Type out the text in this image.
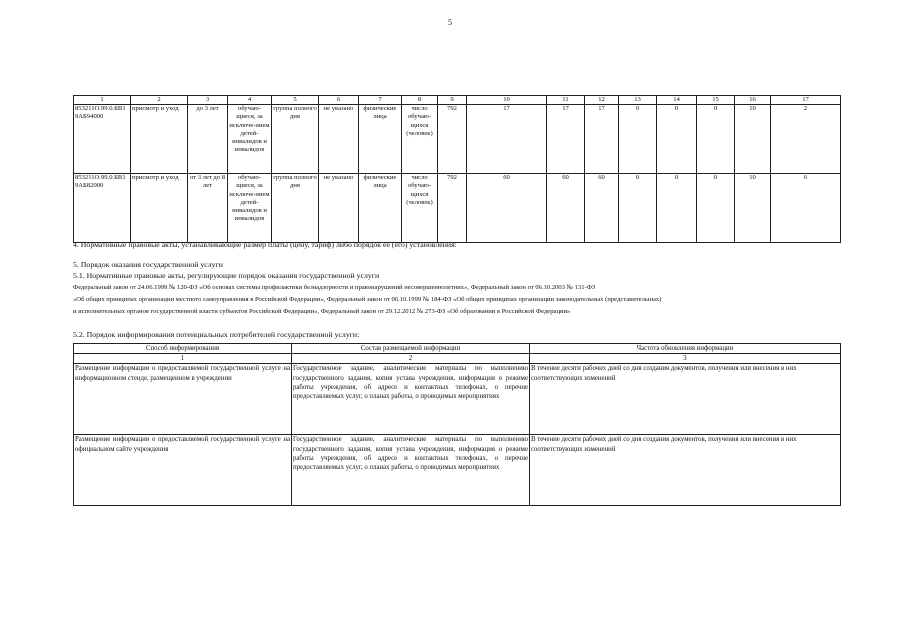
5
1	2	3	4	5	6	7	8	9	10	11	12	13	14	15	16	17
853211О.99.0.БВ1 9АБ94000	присмотр и уход	до 3 лет	обучаю-щиеся, за исключе-нием детей-инвалидов и инвалидов	группа полного дня	не указано	физические лица	число обучаю-щихся (человек)	792	17	17	17	0	0	0	10	2
853211О.99.0.БВ1 9АБ82000	присмотр и уход	от 3 лет до 8 лет	обучаю-щиеся, за исключе-нием детей-инвалидов и инвалидов	группа полного дня	не указано	физические лица	число обучаю-щихся (человек)	792	60	60	60	0	0	0	10	6
4. Нормативные правовые акты, устанавливающие размер платы (цену, тариф) либо порядок ее (его) установления:
5. Порядок оказания государственной услуги
5.1. Нормативные правовые акты, регулирующие порядок оказания государственной услуги
Федеральный закон от 24.06.1999 № 120-ФЗ «Об основах системы профилактики безнадзорности и правонарушений несовершеннолетних», Федеральный закон от 06.10.2003 № 131-ФЗ
«Об общих принципах организации местного самоуправления в Российской Федерации», Федеральный закон от 06.10.1999 № 184-ФЗ «Об общих принципах организации законодательных (представительных)
и исполнительных органов государственной власти субъектов Российской Федерации», Федеральный закон от 29.12.2012 № 273-ФЗ «Об образовании в Российской Федерации»
5.2. Порядок информирования потенциальных потребителей государственной услуги:
Способ информирования	Состав размещаемой информации	Частота обновления информации
1	2	3
Размещение информации о предоставляемой государственной услуге на информационном стенде, размещенном в учреждении	Государственное задание, аналитические материалы по выполнению государственного задания, копия устава учреждения, информация о режиме работы учреждения, об адресе и контактных телефонах, о перечне предоставляемых услуг, о планах работы, о проводимых мероприятиях	В течение десяти рабочих дней со дня создания документов, получения или внесения в них соответствующих изменений
Размещение информации о предоставляемой государственной услуге на официальном сайте учреждения	Государственное задание, аналитические материалы по выполнению государственного задания, копия устава учреждения, информация о режиме работы учреждения, об адресе и контактных телефонах, о перечне предоставляемых услуг, о планах работы, о проводимых мероприятиях	В течение десяти рабочих дней со дня создания документов, получения или внесения в них соответствующих изменений
